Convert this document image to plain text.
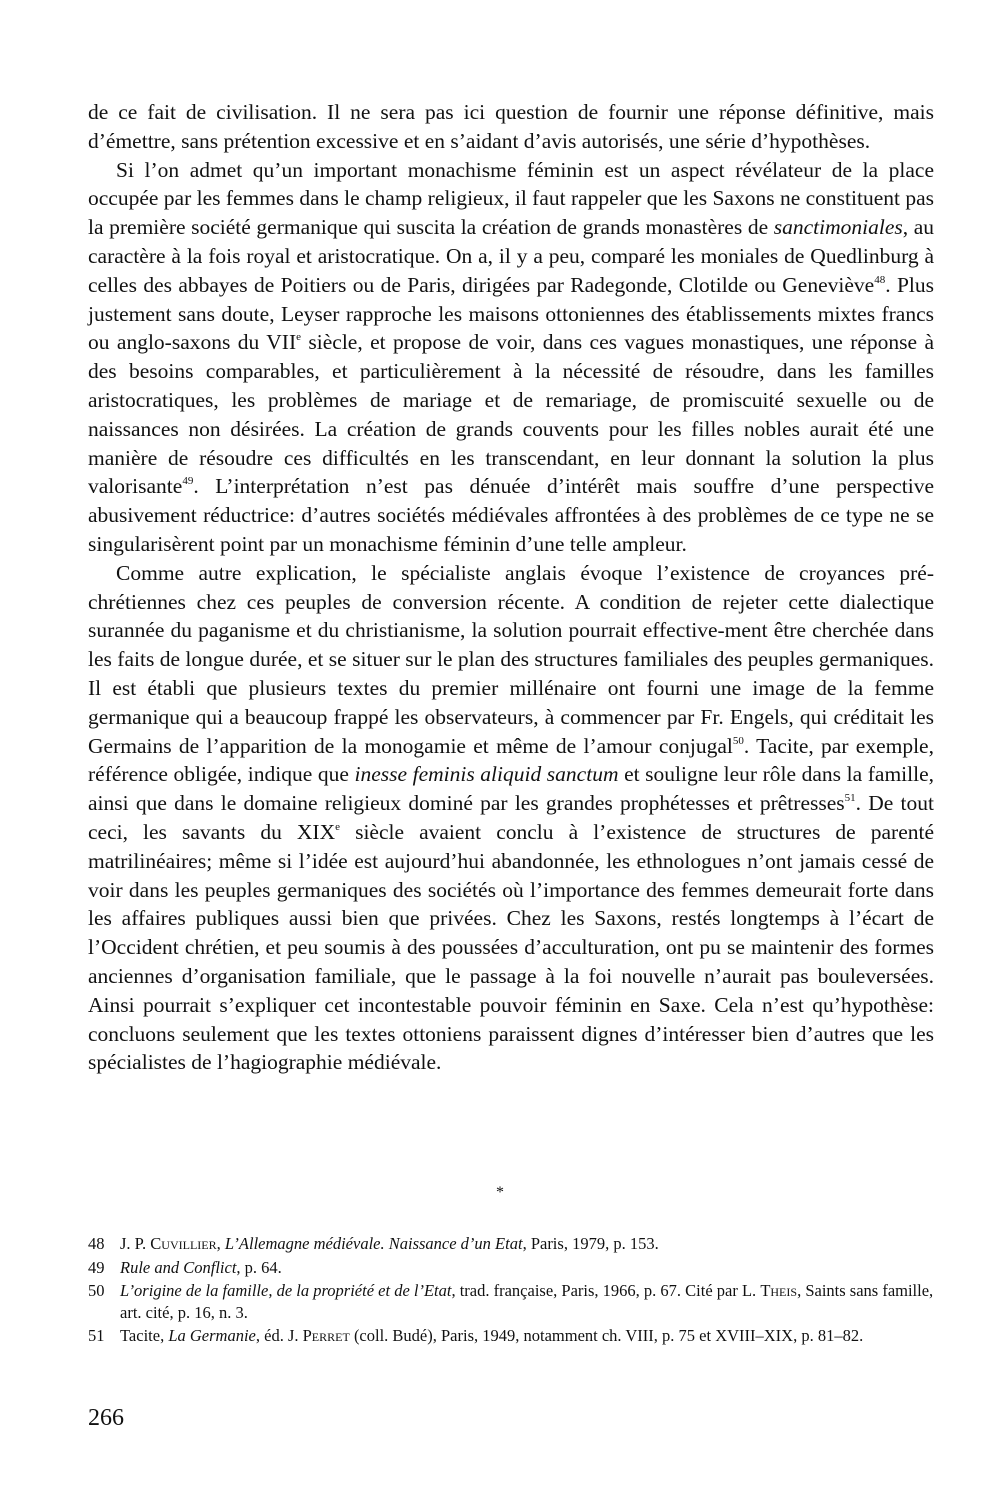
de ce fait de civilisation. Il ne sera pas ici question de fournir une réponse définitive, mais d’émettre, sans prétention excessive et en s’aidant d’avis autorisés, une série d’hypothèses.

Si l’on admet qu’un important monachisme féminin est un aspect révélateur de la place occupée par les femmes dans le champ religieux, il faut rappeler que les Saxons ne constituent pas la première société germanique qui suscita la création de grands monastères de sanctimoniales, au caractère à la fois royal et aristocratique. On a, il y a peu, comparé les moniales de Quedlinburg à celles des abbayes de Poitiers ou de Paris, dirigées par Radegonde, Clotilde ou Geneviève$^{48}$. Plus justement sans doute, Leyser rapproche les maisons ottoniennes des établissements mixtes francs ou anglo-saxons du VIIe siècle, et propose de voir, dans ces vagues monastiques, une réponse à des besoins comparables, et particulièrement à la nécessité de résoudre, dans les familles aristocratiques, les problèmes de mariage et de remariage, de promiscuité sexuelle ou de naissances non désirées. La création de grands couvents pour les filles nobles aurait été une manière de résoudre ces difficultés en les transcendant, en leur donnant la solution la plus valorisante$^{49}$. L’interprétation n’est pas dénuée d’intérêt mais souffre d’une perspective abusivement réductrice: d’autres sociétés médiévales affrontées à des problèmes de ce type ne se singularisèrent point par un monachisme féminin d’une telle ampleur.

Comme autre explication, le spécialiste anglais évoque l’existence de croyances pré-chrétiennes chez ces peuples de conversion récente. A condition de rejeter cette dialectique surannée du paganisme et du christianisme, la solution pourrait effective-ment être cherchée dans les faits de longue durée, et se situer sur le plan des structures familiales des peuples germaniques. Il est établi que plusieurs textes du premier millénaire ont fourni une image de la femme germanique qui a beaucoup frappé les observateurs, à commencer par Fr. Engels, qui créditait les Germains de l’apparition de la monogamie et même de l’amour conjugal$^{50}$. Tacite, par exemple, référence obligée, indique que inesse feminis aliquid sanctum et souligne leur rôle dans la famille, ainsi que dans le domaine religieux dominé par les grandes prophétesses et prêtresses$^{51}$. De tout ceci, les savants du XIXe siècle avaient conclu à l’existence de structures de parenté matrilinéaires; même si l’idée est aujourd’hui abandonnée, les ethnologues n’ont jamais cessé de voir dans les peuples germaniques des sociétés où l’importance des femmes demeurait forte dans les affaires publiques aussi bien que privées. Chez les Saxons, restés longtemps à l’écart de l’Occident chrétien, et peu soumis à des poussées d’acculturation, ont pu se maintenir des formes anciennes d’organisation familiale, que le passage à la foi nouvelle n’aurait pas bouleversées. Ainsi pourrait s’expliquer cet incontestable pouvoir féminin en Saxe. Cela n’est qu’hypothèse: concluons seulement que les textes ottoniens paraissent dignes d’intéresser bien d’autres que les spécialistes de l’hagiographie médiévale.

*
48 J. P. Cuvillier, L’Allemagne médiévale. Naissance d’un Etat, Paris, 1979, p. 153.
49 Rule and Conflict, p. 64.
50 L’origine de la famille, de la propriété et de l’Etat, trad. française, Paris, 1966, p. 67. Cité par L. Theis, Saints sans famille, art. cité, p. 16, n. 3.
51 Tacite, La Germanie, éd. J. Perret (coll. Budé), Paris, 1949, notamment ch. VIII, p. 75 et XVIII–XIX, p. 81–82.
266
